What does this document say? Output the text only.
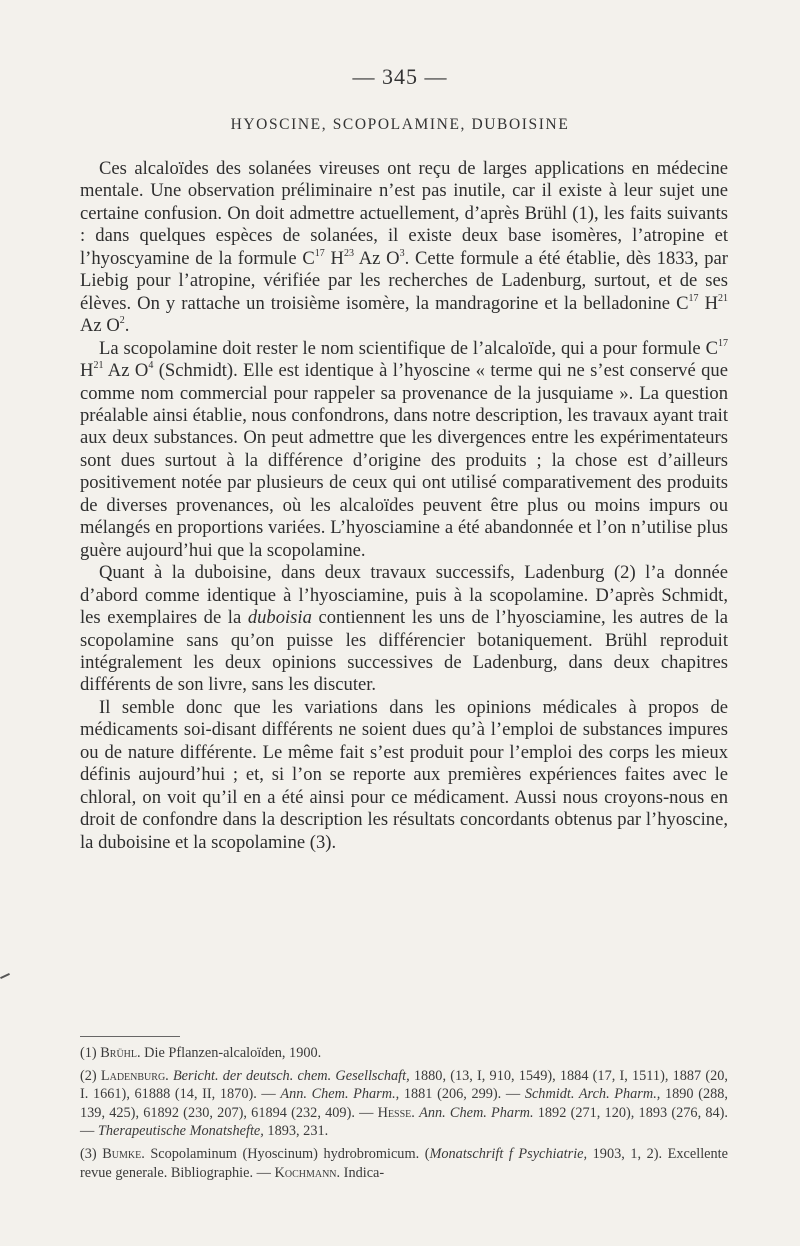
— 345 —
HYOSCINE, SCOPOLAMINE, DUBOISINE

Ces alcaloïdes des solanées vireuses ont reçu de larges applications en médecine mentale. Une observation préliminaire n’est pas inutile, car il existe à leur sujet une certaine confusion. On doit admettre actuellement, d’après Brühl (1), les faits suivants : dans quelques espèces de solanées, il existe deux base isomères, l’atropine et l’hyoscyamine de la formule $C^{17}$ $H^{23}$ Az $O^3$. Cette formule a été établie, dès 1833, par Liebig pour l’atropine, vérifiée par les recherches de Ladenburg, surtout, et de ses élèves. On y rattache un troisième isomère, la mandragorine et la belladonine $C^{17}$ $H^{21}$ Az $O^2$.

La scopolamine doit rester le nom scientifique de l’alcaloïde, qui a pour formule $C^{17}$ $H^{21}$ Az $O^4$ (Schmidt). Elle est identique à l’hyoscine « terme qui ne s’est conservé que comme nom commercial pour rappeler sa provenance de la jusquiame ». La question préalable ainsi établie, nous confondrons, dans notre description, les travaux ayant trait aux deux substances. On peut admettre que les divergences entre les expérimentateurs sont dues surtout à la différence d’origine des produits ; la chose est d’ailleurs positivement notée par plusieurs de ceux qui ont utilisé comparativement des produits de diverses provenances, où les alcaloïdes peuvent être plus ou moins impurs ou mélangés en proportions variées. L’hyosciamine a été abandonnée et l’on n’utilise plus guère aujourd’hui que la scopolamine.

Quant à la duboisine, dans deux travaux successifs, Ladenburg (2) l’a donnée d’abord comme identique à l’hyosciamine, puis à la scopolamine. D’après Schmidt, les exemplaires de la duboisia contiennent les uns de l’hyosciamine, les autres de la scopolamine sans qu’on puisse les différencier botaniquement. Brühl reproduit intégralement les deux opinions successives de Ladenburg, dans deux chapitres différents de son livre, sans les discuter.

Il semble donc que les variations dans les opinions médicales à propos de médicaments soi-disant différents ne soient dues qu’à l’emploi de substances impures ou de nature différente. Le même fait s’est produit pour l’emploi des corps les mieux définis aujourd’hui ; et, si l’on se reporte aux premières expériences faites avec le chloral, on voit qu’il en a été ainsi pour ce médicament. Aussi nous croyons-nous en droit de confondre dans la description les résultats concordants obtenus par l’hyoscine, la duboisine et la scopolamine (3).

(1) Brühl. Die Pflanzen-alcaloïden, 1900.

(2) Ladenburg. Bericht. der deutsch. chem. Gesellschaft, 1880, (13, I, 910, 1549), 1884 (17, I, 1511), 1887 (20, I. 1661), 61888 (14, II, 1870). — Ann. Chem. Pharm., 1881 (206, 299). — Schmidt. Arch. Pharm., 1890 (288, 139, 425), 61892 (230, 207), 61894 (232, 409). — Hesse. Ann. Chem. Pharm. 1892 (271, 120), 1893 (276, 84). — Therapeutische Monatshefte, 1893, 231.

(3) Bumke. Scopolaminum (Hyoscinum) hydrobromicum. (Monatschrift f Psychiatrie, 1903, 1, 2). Excellente revue generale. Bibliographie. — Kochmann. Indica-
